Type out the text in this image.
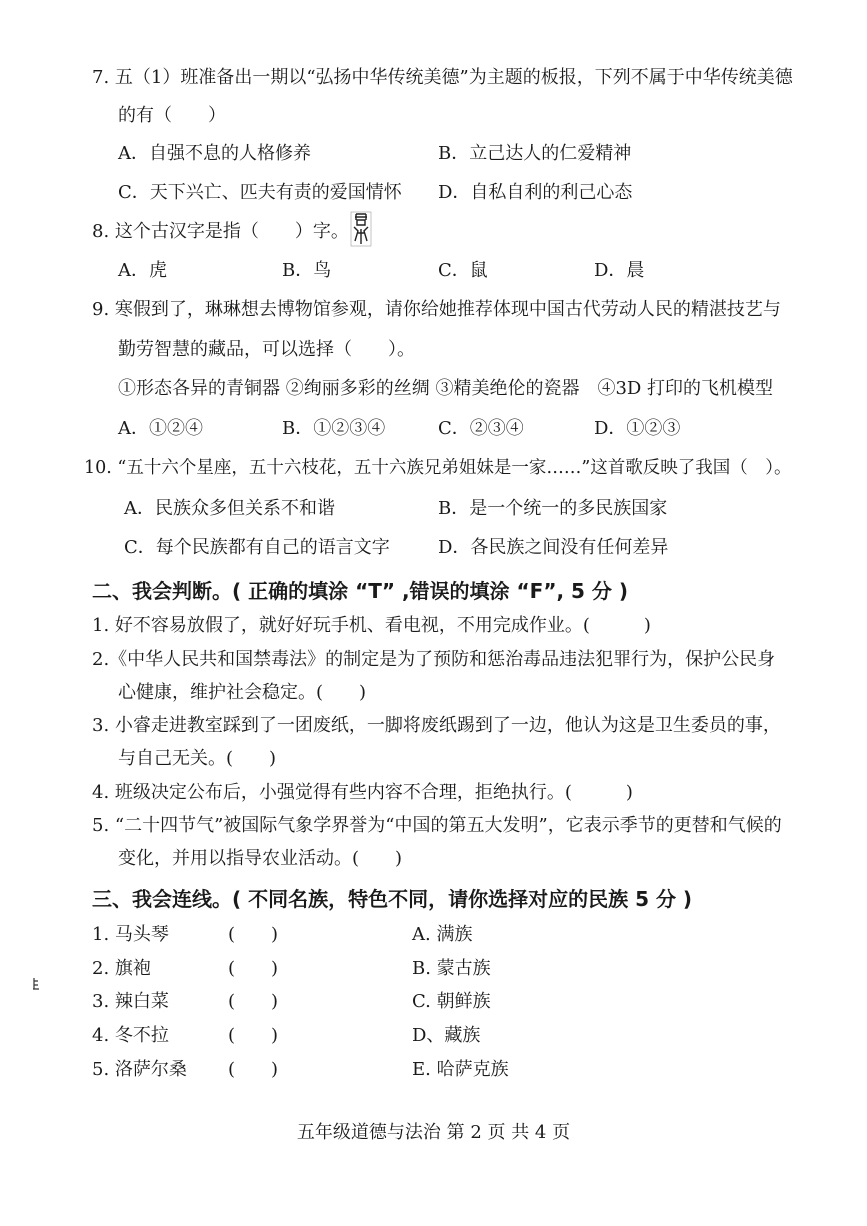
7. 五（1）班准备出一期以“弘扬中华传统美德”为主题的板报，下列不属于中华传统美德
的有（　　）
A．自强不息的人格修养	B．立己达人的仁爱精神
C．天下兴亡、匹夫有责的爱国情怀 D．自私自利的利己心态
8. 这个古汉字是指（　　）字。
A．虎	B．鸟	C．鼠	D．晨
9. 寒假到了，琳琳想去博物馆参观，请你给她推荐体现中国古代劳动人民的精湛技艺与
勤劳智慧的藏品，可以选择（　　）。
①形态各异的青铜器 ②绚丽多彩的丝绸 ③精美绝伦的瓷器　④3D 打印的飞机模型
A．①②④	B．①②③④	C．②③④	D．①②③
10. “五十六个星座，五十六枝花，五十六族兄弟姐妹是一家……”这首歌反映了我国（　）。
A．民族众多但关系不和谐	B．是一个统一的多民族国家
C．每个民族都有自己的语言文字	D．各民族之间没有任何差异
二、我会判断。( 正确的填涂 “T” ,错误的填涂 “F”, 5 分 )
1. 好不容易放假了，就好好玩手机、看电视，不用完成作业。(　　　)
2.《中华人民共和国禁毒法》的制定是为了预防和惩治毒品违法犯罪行为，保护公民身
心健康，维护社会稳定。(　　)
3. 小睿走进教室踩到了一团废纸，一脚将废纸踢到了一边，他认为这是卫生委员的事，
与自己无关。(　　)
4. 班级决定公布后，小强觉得有些内容不合理，拒绝执行。(　　　)
5. “二十四节气”被国际气象学界誉为“中国的第五大发明”，它表示季节的更替和气候的
变化，并用以指导农业活动。(　　)
三、我会连线。( 不同名族，特色不同，请你选择对应的民族 5 分 )
1. 马头琴	(　　)	A. 满族
2. 旗袍	(　　)	B. 蒙古族
3. 辣白菜	(　　)	C. 朝鲜族
4. 冬不拉	(　　)	D、藏族
5. 洛萨尔桑 (　　)	E. 哈萨克族
五年级道德与法治 第 2 页 共 4 页
